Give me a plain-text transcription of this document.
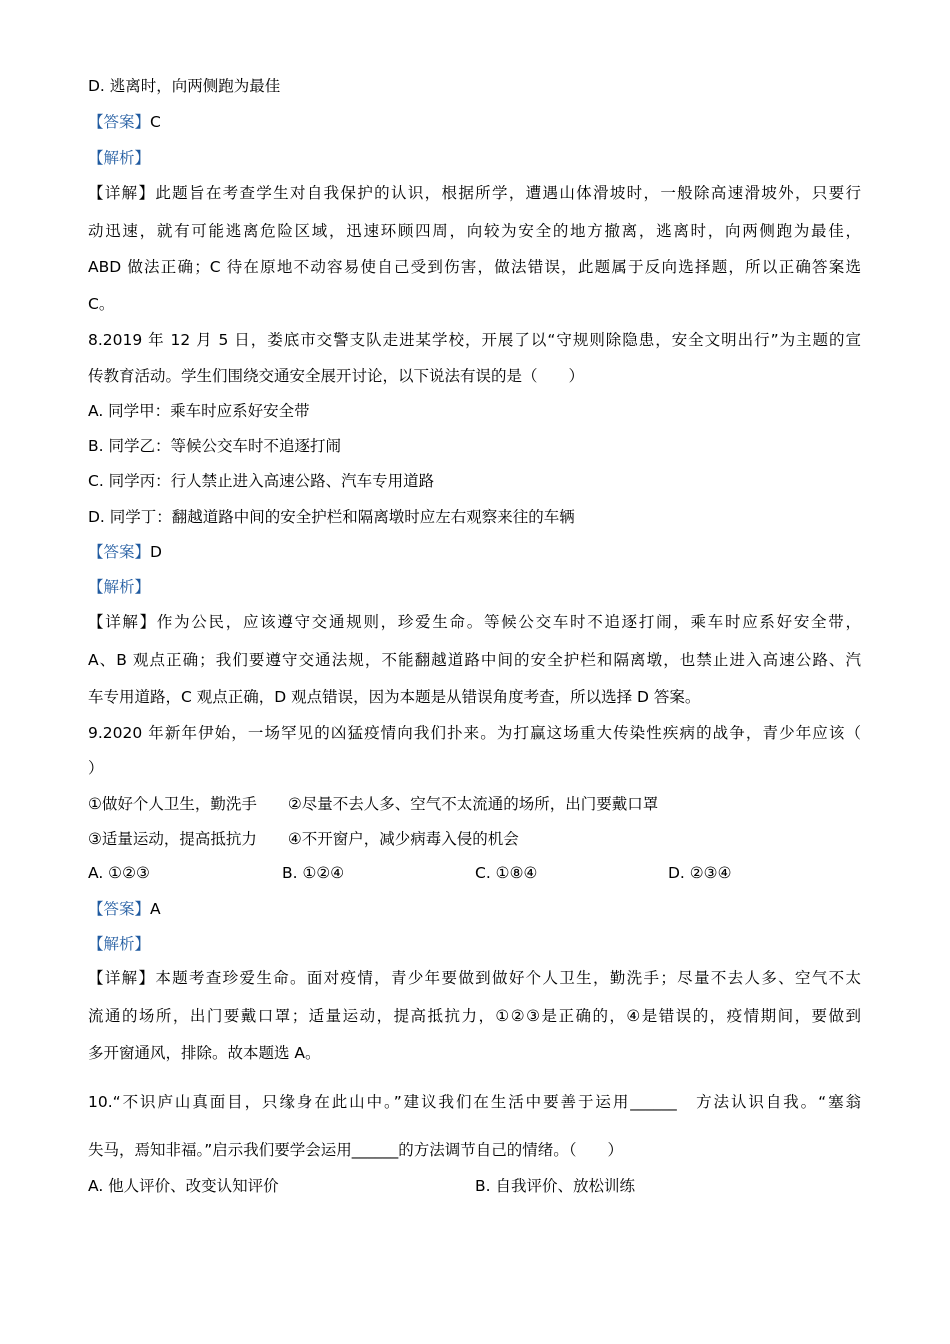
D. 逃离时，向两侧跑为最佳
【答案】C
【解析】
【详解】此题旨在考查学生对自我保护的认识，根据所学，遭遇山体滑坡时，一般除高速滑坡外，只要行
动迅速，就有可能逃离危险区域，迅速环顾四周，向较为安全的地方撤离，逃离时，向两侧跑为最佳，
ABD 做法正确；C 待在原地不动容易使自己受到伤害，做法错误，此题属于反向选择题，所以正确答案选
C。
8.2019 年 12 月 5 日，娄底市交警支队走进某学校，开展了以“守规则除隐患，安全文明出行”为主题的宣
传教育活动。学生们围绕交通安全展开讨论，以下说法有误的是（　　）
A. 同学甲：乘车时应系好安全带
B. 同学乙：等候公交车时不追逐打闹
C. 同学丙：行人禁止进入高速公路、汽车专用道路
D. 同学丁：翻越道路中间的安全护栏和隔离墩时应左右观察来往的车辆
【答案】D
【解析】
【详解】作为公民，应该遵守交通规则，珍爱生命。等候公交车时不追逐打闹，乘车时应系好安全带，
A、B 观点正确；我们要遵守交通法规，不能翻越道路中间的安全护栏和隔离墩，也禁止进入高速公路、汽
车专用道路，C 观点正确，D 观点错误，因为本题是从错误角度考查，所以选择 D 答案。
9.2020 年新年伊始，一场罕见的凶猛疫情向我们扑来。为打赢这场重大传染性疾病的战争，青少年应该（
）
①做好个人卫生，勤洗手　　②尽量不去人多、空气不太流通的场所，出门要戴口罩
③适量运动，提高抵抗力　　④不开窗户，减少病毒入侵的机会
A. ①②③	B. ①②④	C. ①⑧④	D. ②③④
【答案】A
【解析】
【详解】本题考查珍爱生命。面对疫情，青少年要做到做好个人卫生，勤洗手；尽量不去人多、空气不太
流通的场所，出门要戴口罩；适量运动，提高抵抗力，①②③是正确的，④是错误的，疫情期间，要做到
多开窗通风，排除。故本题选 A。
10.“不识庐山真面目，只缘身在此山中。”建议我们在生活中要善于运用______　方法认识自我。“塞翁
失马，焉知非福。”启示我们要学会运用______的方法调节自己的情绪。（　　）
A. 他人评价、改变认知评价	B. 自我评价、放松训练
